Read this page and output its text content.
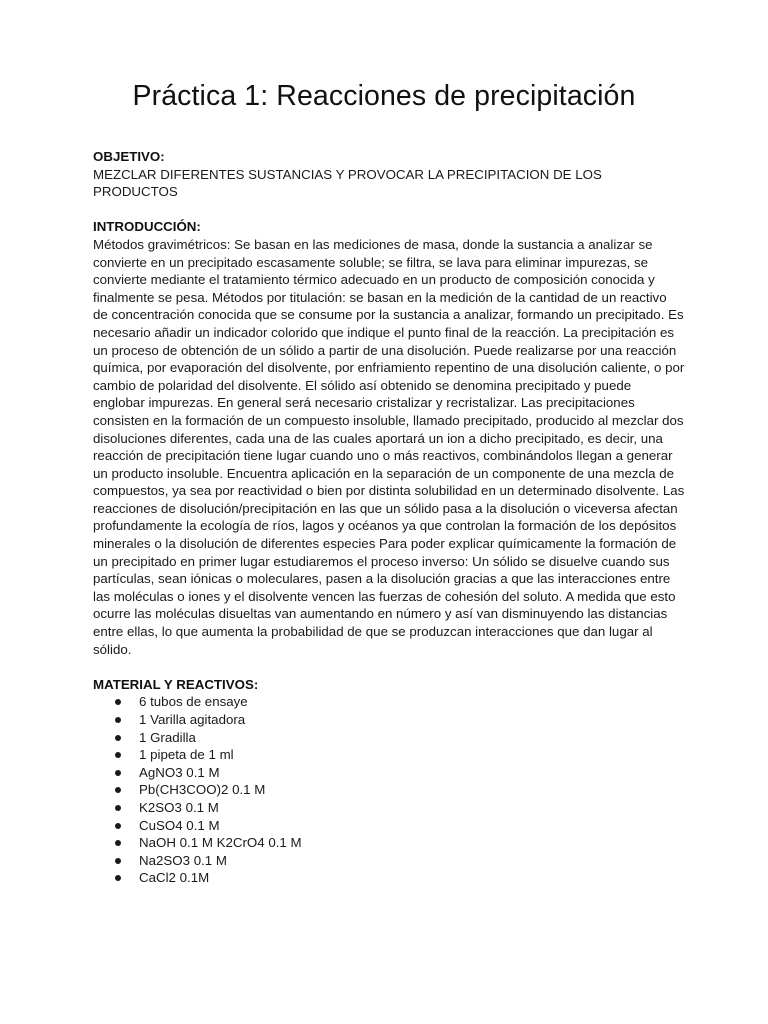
Práctica 1: Reacciones de precipitación
OBJETIVO:

MEZCLAR DIFERENTES SUSTANCIAS Y PROVOCAR LA PRECIPITACION DE LOS PRODUCTOS

INTRODUCCIÓN:

Métodos gravimétricos: Se basan en las mediciones de masa, donde la sustancia a analizar se convierte en un precipitado escasamente soluble; se filtra, se lava para eliminar impurezas, se convierte mediante el tratamiento térmico adecuado en un producto de composición conocida y finalmente se pesa. Métodos por titulación: se basan en la medición de la cantidad de un reactivo de concentración conocida que se consume por la sustancia a analizar, formando un precipitado. Es necesario añadir un indicador colorido que indique el punto final de la reacción. La precipitación es un proceso de obtención de un sólido a partir de una disolución. Puede realizarse por una reacción química, por evaporación del disolvente, por enfriamiento repentino de una disolución caliente, o por cambio de polaridad del disolvente. El sólido así obtenido se denomina precipitado y puede englobar impurezas. En general será necesario cristalizar y recristalizar. Las precipitaciones consisten en la formación de un compuesto insoluble, llamado precipitado, producido al mezclar dos disoluciones diferentes, cada una de las cuales aportará un ion a dicho precipitado, es decir, una reacción de precipitación tiene lugar cuando uno o más reactivos, combinándolos llegan a generar un producto insoluble. Encuentra aplicación en la separación de un componente de una mezcla de compuestos, ya sea por reactividad o bien por distinta solubilidad en un determinado disolvente. Las reacciones de disolución/precipitación en las que un sólido pasa a la disolución o viceversa afectan profundamente la ecología de ríos, lagos y océanos ya que controlan la formación de los depósitos minerales o la disolución de diferentes especies Para poder explicar químicamente la formación de un precipitado en primer lugar estudiaremos el proceso inverso: Un sólido se disuelve cuando sus partículas, sean iónicas o moleculares, pasen a la disolución gracias a que las interacciones entre las moléculas o iones y el disolvente vencen las fuerzas de cohesión del soluto. A medida que esto ocurre las moléculas disueltas van aumentando en número y así van disminuyendo las distancias entre ellas, lo que aumenta la probabilidad de que se produzcan interacciones que dan lugar al sólido.

MATERIAL Y REACTIVOS:
6 tubos de ensaye
1 Varilla agitadora
1 Gradilla
1 pipeta de 1 ml
AgNO3 0.1 M
Pb(CH3COO)2 0.1 M
K2SO3 0.1 M
CuSO4 0.1 M
NaOH 0.1 M K2CrO4 0.1 M
Na2SO3 0.1 M
CaCl2 0.1M
